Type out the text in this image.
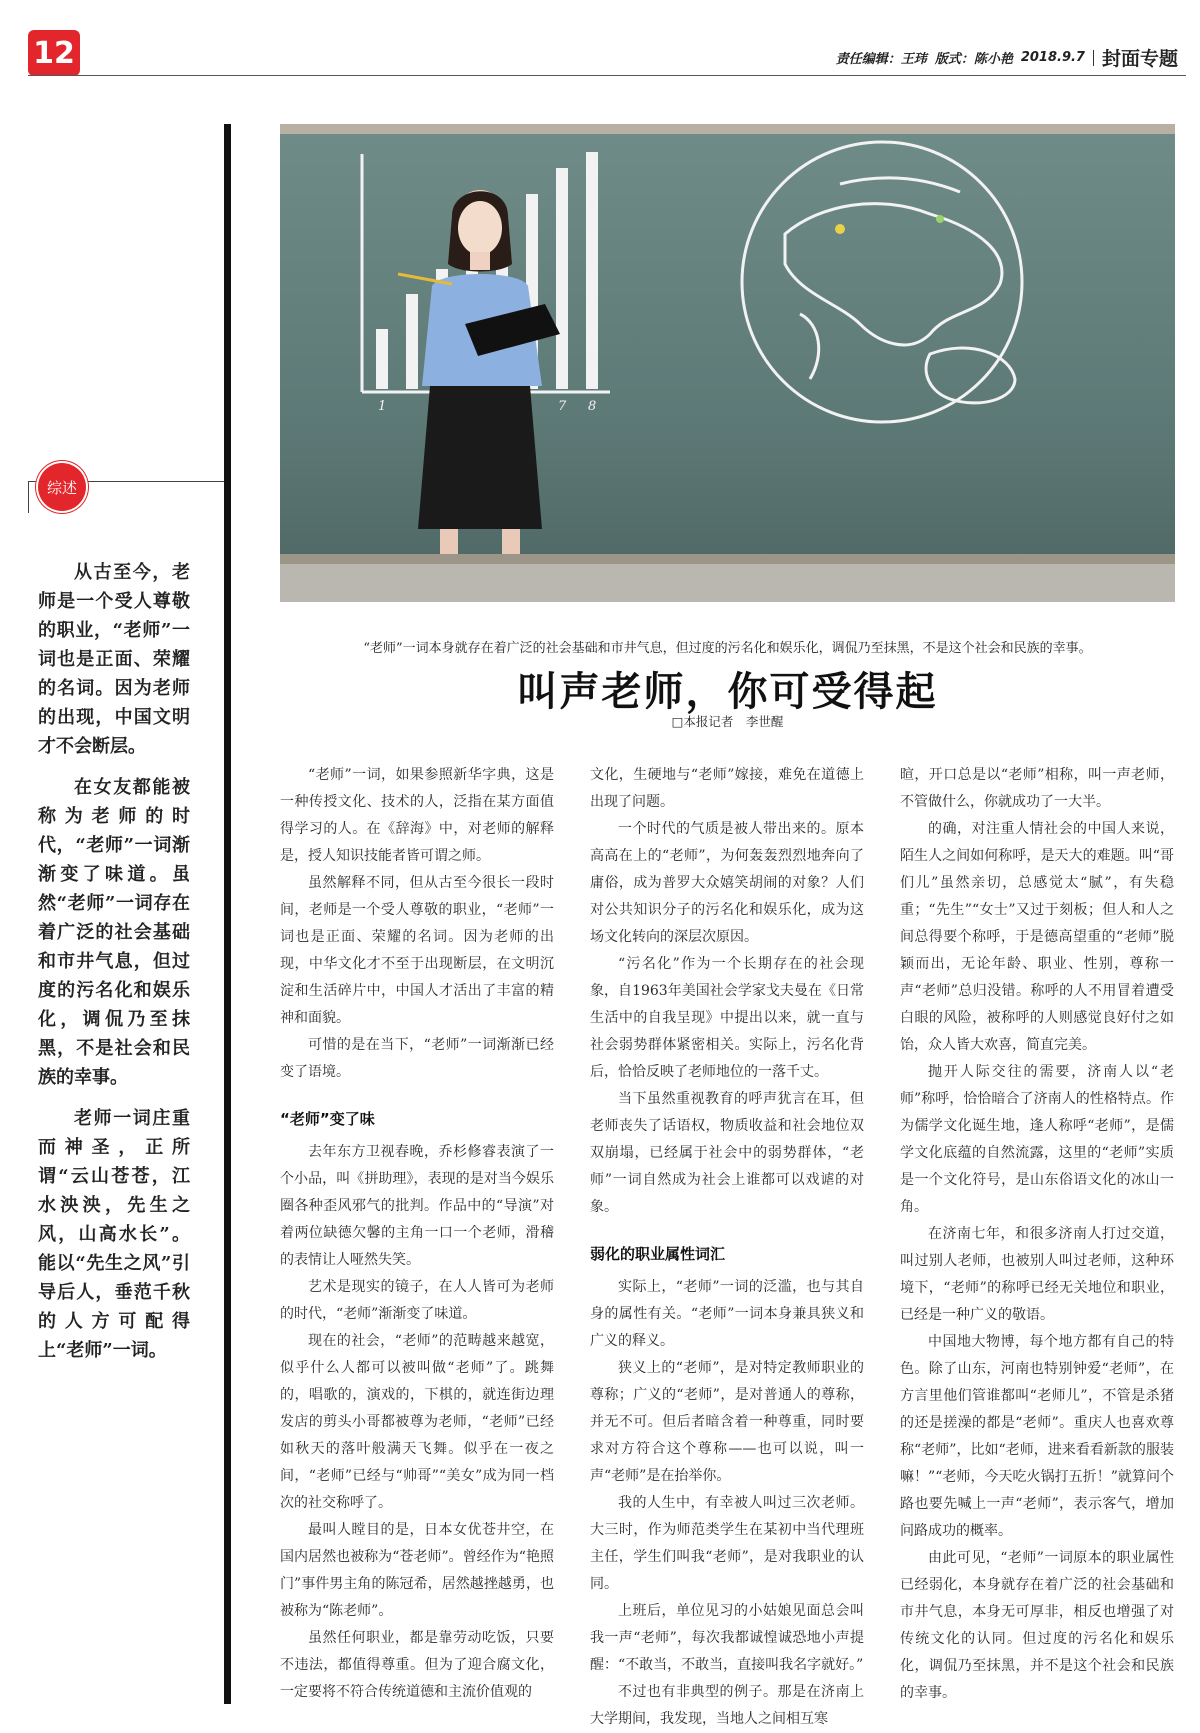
12	责任编辑：王玮 版式：陈小艳 2018.9.7 封面专题
综述

从古至今，老师是一个受人尊敬的职业，“老师”一词也是正面、荣耀的名词。因为老师的出现，中国文明才不会断层。

在女友都能被称为老师的时代，“老师”一词渐渐变了味道。虽然“老师”一词存在着广泛的社会基础和市井气息，但过度的污名化和娱乐化，调侃乃至抹黑，不是社会和民族的幸事。

老师一词庄重而神圣，正所谓“云山苍苍，江水泱泱，先生之风，山高水长”。能以“先生之风”引导后人，垂范千秋的人方可配得上“老师”一词。

1	7 8
“老师”一词本身就存在着广泛的社会基础和市井气息，但过度的污名化和娱乐化，调侃乃至抹黑，不是这个社会和民族的幸事。
叫声老师，你可受得起
□本报记者　李世醒

“老师”一词，如果参照新华字典，这是一种传授文化、技术的人，泛指在某方面值得学习的人。在《辞海》中，对老师的解释是，授人知识技能者皆可谓之师。

虽然解释不同，但从古至今很长一段时间，老师是一个受人尊敬的职业，“老师”一词也是正面、荣耀的名词。因为老师的出现，中华文化才不至于出现断层，在文明沉淀和生活碎片中，中国人才活出了丰富的精神和面貌。

可惜的是在当下，“老师”一词渐渐已经变了语境。

“老师”变了味

去年东方卫视春晚，乔杉修睿表演了一个小品，叫《拼助理》，表现的是对当今娱乐圈各种歪风邪气的批判。作品中的“导演”对着两位缺德欠馨的主角一口一个老师，滑稽的表情让人哑然失笑。

艺术是现实的镜子，在人人皆可为老师的时代，“老师”渐渐变了味道。

现在的社会，“老师”的范畴越来越宽，似乎什么人都可以被叫做“老师”了。跳舞的，唱歌的，演戏的，下棋的，就连街边理发店的剪头小哥都被尊为老师，“老师”已经如秋天的落叶般满天飞舞。似乎在一夜之间，“老师”已经与“帅哥”“美女”成为同一档次的社交称呼了。

最叫人瞠目的是，日本女优苍井空，在国内居然也被称为“苍老师”。曾经作为“艳照门”事件男主角的陈冠希，居然越挫越勇，也被称为“陈老师”。

虽然任何职业，都是靠劳动吃饭，只要不违法，都值得尊重。但为了迎合腐文化，一定要将不符合传统道德和主流价值观的

文化，生硬地与“老师”嫁接，难免在道德上出现了问题。

一个时代的气质是被人带出来的。原本高高在上的“老师”，为何轰轰烈烈地奔向了庸俗，成为普罗大众嬉笑胡闹的对象？人们对公共知识分子的污名化和娱乐化，成为这场文化转向的深层次原因。

“污名化”作为一个长期存在的社会现象，自1963年美国社会学家戈夫曼在《日常生活中的自我呈现》中提出以来，就一直与社会弱势群体紧密相关。实际上，污名化背后，恰恰反映了老师地位的一落千丈。

当下虽然重视教育的呼声犹言在耳，但老师丧失了话语权，物质收益和社会地位双双崩塌，已经属于社会中的弱势群体，“老师”一词自然成为社会上谁都可以戏谑的对象。

弱化的职业属性词汇

实际上，“老师”一词的泛滥，也与其自身的属性有关。“老师”一词本身兼具狭义和广义的释义。

狭义上的“老师”，是对特定教师职业的尊称；广义的“老师”，是对普通人的尊称，并无不可。但后者暗含着一种尊重，同时要求对方符合这个尊称——也可以说，叫一声“老师”是在抬举你。

我的人生中，有幸被人叫过三次老师。大三时，作为师范类学生在某初中当代理班主任，学生们叫我“老师”，是对我职业的认同。

上班后，单位见习的小姑娘见面总会叫我一声“老师”，每次我都诚惶诚恐地小声提醒：“不敢当，不敢当，直接叫我名字就好。”

不过也有非典型的例子。那是在济南上大学期间，我发现，当地人之间相互寒

暄，开口总是以“老师”相称，叫一声老师，不管做什么，你就成功了一大半。

的确，对注重人情社会的中国人来说，陌生人之间如何称呼，是天大的难题。叫“哥们儿”虽然亲切，总感觉太“腻”，有失稳重；“先生”“女士”又过于刻板；但人和人之间总得要个称呼，于是德高望重的“老师”脱颖而出，无论年龄、职业、性别，尊称一声“老师”总归没错。称呼的人不用冒着遭受白眼的风险，被称呼的人则感觉良好付之如饴，众人皆大欢喜，简直完美。

抛开人际交往的需要，济南人以“老师”称呼，恰恰暗合了济南人的性格特点。作为儒学文化诞生地，逢人称呼“老师”，是儒学文化底蕴的自然流露，这里的“老师”实质是一个文化符号，是山东俗语文化的冰山一角。

在济南七年，和很多济南人打过交道，叫过别人老师，也被别人叫过老师，这种环境下，“老师”的称呼已经无关地位和职业，已经是一种广义的敬语。

中国地大物博，每个地方都有自己的特色。除了山东，河南也特别钟爱“老师”，在方言里他们管谁都叫“老师儿”，不管是杀猪的还是搓澡的都是“老师”。重庆人也喜欢尊称“老师”，比如“老师，进来看看新款的服装嘛！”“老师，今天吃火锅打五折！”就算问个路也要先喊上一声“老师”，表示客气，增加问路成功的概率。

由此可见，“老师”一词原本的职业属性已经弱化，本身就存在着广泛的社会基础和市井气息，本身无可厚非，相反也增强了对传统文化的认同。但过度的污名化和娱乐化，调侃乃至抹黑，并不是这个社会和民族的幸事。
